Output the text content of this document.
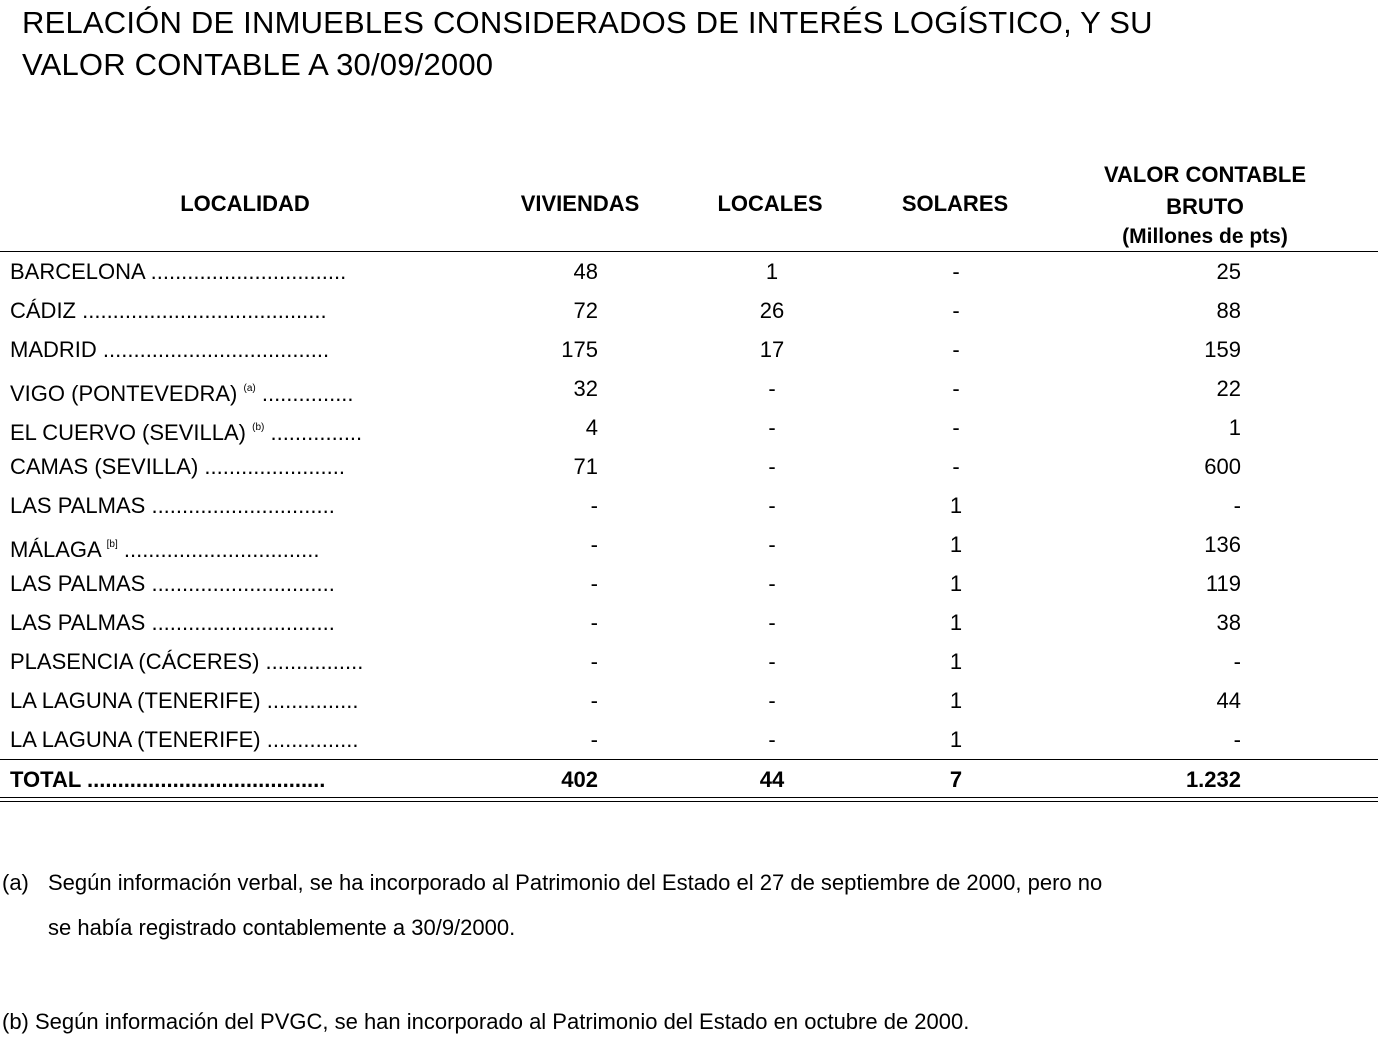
RELACIÓN DE INMUEBLES CONSIDERADOS DE INTERÉS LOGÍSTICO, Y SU
VALOR CONTABLE A 30/09/2000
LOCALIDAD	VIVIENDAS	LOCALES	SOLARES
VALOR CONTABLE
BRUTO
(Millones de pts)
BARCELONA ................................	48	1	-	25
CÁDIZ ........................................	72	26	-	88
MADRID .....................................	175	17	-	159
VIGO (PONTEVEDRA) $^{(a)}$ ...............	32	-	-	22
EL CUERVO (SEVILLA) $^{(b)}$ ...............	4	-	-	1
CAMAS (SEVILLA) .......................	71	-	-	600
LAS PALMAS ..............................	-	-	1	-
MÁLAGA [b] ................................	-	-	1	136
LAS PALMAS ..............................	-	-	1	119
LAS PALMAS ..............................	-	-	1	38
PLASENCIA (CÁCERES) ................	-	-	1	-
LA LAGUNA (TENERIFE) ...............	-	-	1	44
LA LAGUNA (TENERIFE) ...............	-	-	1	-
TOTAL .......................................	402	44	7	1.232
(a) Según información verbal, se ha incorporado al Patrimonio del Estado el 27 de septiembre de 2000, pero no
se había registrado contablemente a 30/9/2000.
(b) Según información del PVGC, se han incorporado al Patrimonio del Estado en octubre de 2000.
